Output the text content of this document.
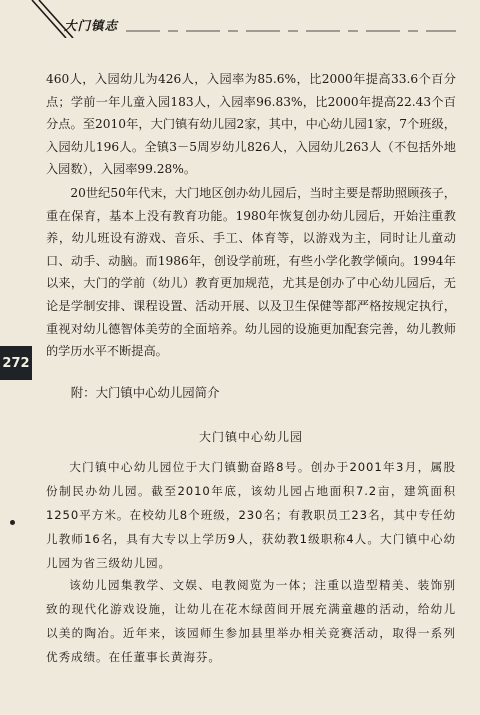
大门镇志
272

460人，入园幼儿为426人，入园率为85.6%，比2000年提高33.6个百分点；学前一年儿童入园183人，入园率96.83%，比2000年提高22.43个百分点。至2010年，大门镇有幼儿园2家，其中，中心幼儿园1家，7个班级，入园幼儿196人。全镇3－5周岁幼儿826人，入园幼儿263人（不包括外地入园数），入园率99.28%。

20世纪50年代末，大门地区创办幼儿园后，当时主要是帮助照顾孩子，重在保育，基本上没有教育功能。1980年恢复创办幼儿园后，开始注重教养，幼儿班设有游戏、音乐、手工、体育等，以游戏为主，同时让儿童动口、动手、动脑。而1986年，创设学前班，有些小学化教学倾向。1994年以来，大门的学前（幼儿）教育更加规范，尤其是创办了中心幼儿园后，无论是学制安排、课程设置、活动开展、以及卫生保健等都严格按规定执行，重视对幼儿德智体美劳的全面培养。幼儿园的设施更加配套完善，幼儿教师的学历水平不断提高。

附：大门镇中心幼儿园简介

大门镇中心幼儿园

大门镇中心幼儿园位于大门镇勤奋路8号。创办于2001年3月，属股份制民办幼儿园。截至2010年底，该幼儿园占地面积7.2亩，建筑面积1250平方米。在校幼儿8个班级，230名；有教职员工23名，其中专任幼儿教师16名，具有大专以上学历9人，获幼教1级职称4人。大门镇中心幼儿园为省三级幼儿园。

该幼儿园集教学、文娱、电教阅览为一体；注重以造型精美、装饰别致的现代化游戏设施，让幼儿在花木绿茵间开展充满童趣的活动，给幼儿以美的陶冶。近年来，该园师生参加县里举办相关竞赛活动，取得一系列优秀成绩。在任董事长黄海芬。
